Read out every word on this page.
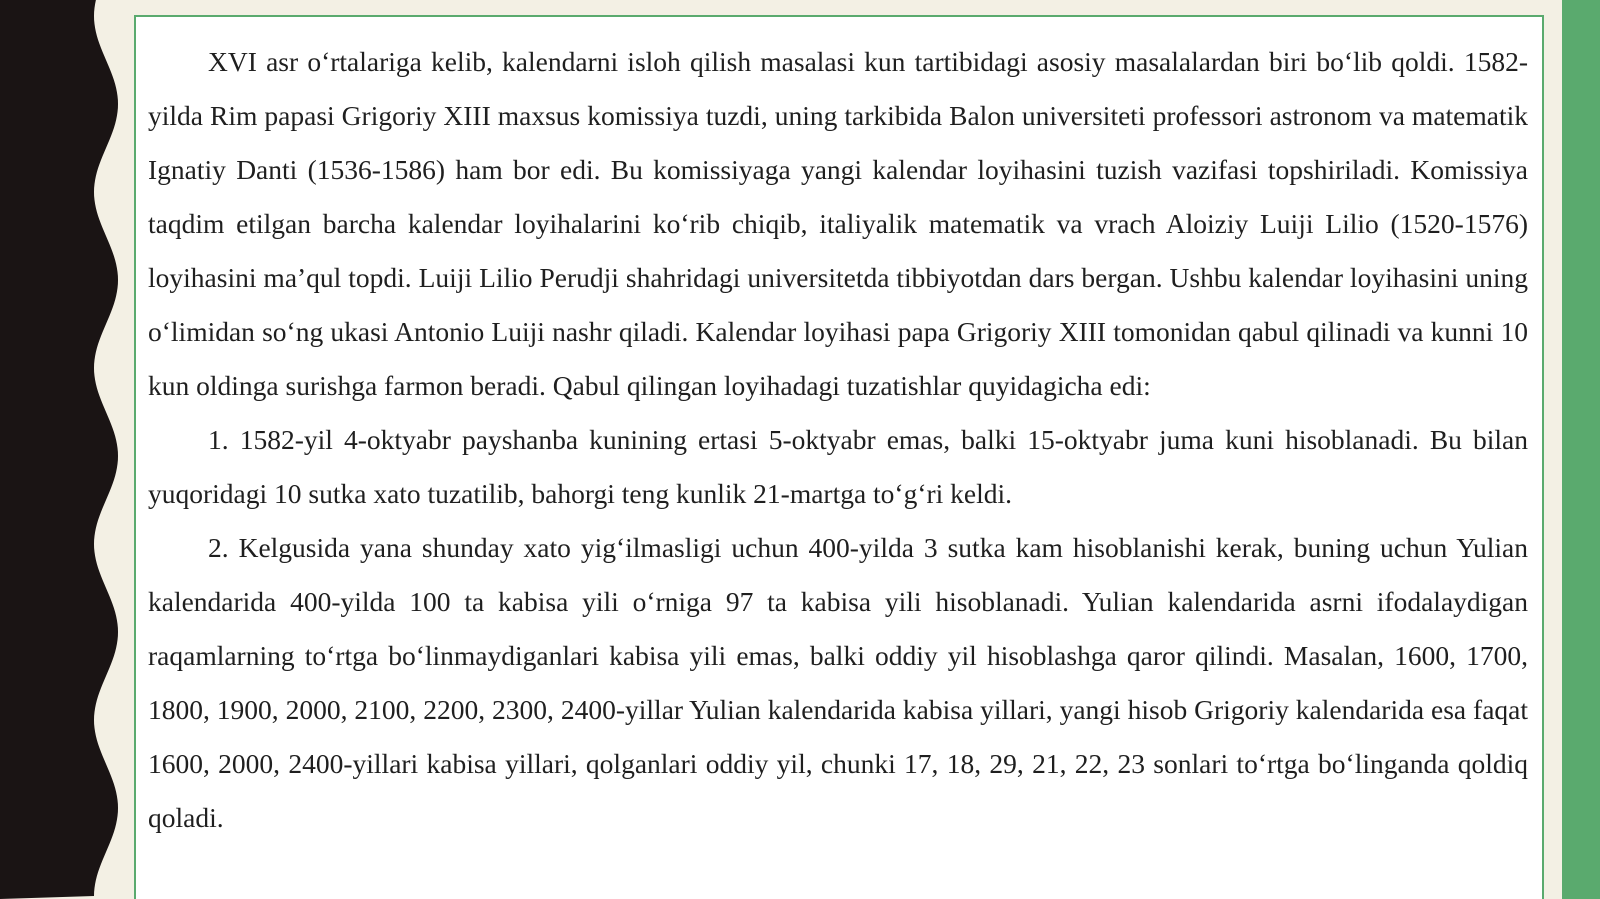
XVI asr oʻrtalariga kelib, kalendarni isloh qilish masalasi kun tartibidagi asosiy masalalardan biri boʻlib qoldi. 1582-yilda Rim papasi Grigoriy XIII maxsus komissiya tuzdi, uning tarkibida Balon universiteti professori astronom va matematik Ignatiy Danti (1536-1586) ham bor edi. Bu komissiyaga yangi kalendar loyihasini tuzish vazifasi topshiriladi. Komissiya taqdim etilgan barcha kalendar loyihalarini koʻrib chiqib, italiyalik matematik va vrach Aloiziy Luiji Lilio (1520-1576) loyihasini ma’qul topdi. Luiji Lilio Perudji shahridagi universitetda tibbiyotdan dars bergan. Ushbu kalendar loyihasini uning oʻlimidan soʻng ukasi Antonio Luiji nashr qiladi. Kalendar loyihasi papa Grigoriy XIII tomonidan qabul qilinadi va kunni 10 kun oldinga surishga farmon beradi. Qabul qilingan loyihadagi tuzatishlar quyidagicha edi:

1. 1582-yil 4-oktyabr payshanba kunining ertasi 5-oktyabr emas, balki 15-oktyabr juma kuni hisoblanadi. Bu bilan yuqoridagi 10 sutka xato tuzatilib, bahorgi teng kunlik 21-martga toʻgʻri keldi.

2. Kelgusida yana shunday xato yigʻilmasligi uchun 400-yilda 3 sutka kam hisoblanishi kerak, buning uchun Yulian kalendarida 400-yilda 100 ta kabisa yili oʻrniga 97 ta kabisa yili hisoblanadi. Yulian kalendarida asrni ifodalaydigan raqamlarning toʻrtga boʻlinmaydiganlari kabisa yili emas, balki oddiy yil hisoblashga qaror qilindi. Masalan, 1600, 1700, 1800, 1900, 2000, 2100, 2200, 2300, 2400-yillar Yulian kalendarida kabisa yillari, yangi hisob Grigoriy kalendarida esa faqat 1600, 2000, 2400-yillari kabisa yillari, qolganlari oddiy yil, chunki 17, 18, 29, 21, 22, 23 sonlari toʻrtga boʻlinganda qoldiq qoladi.
